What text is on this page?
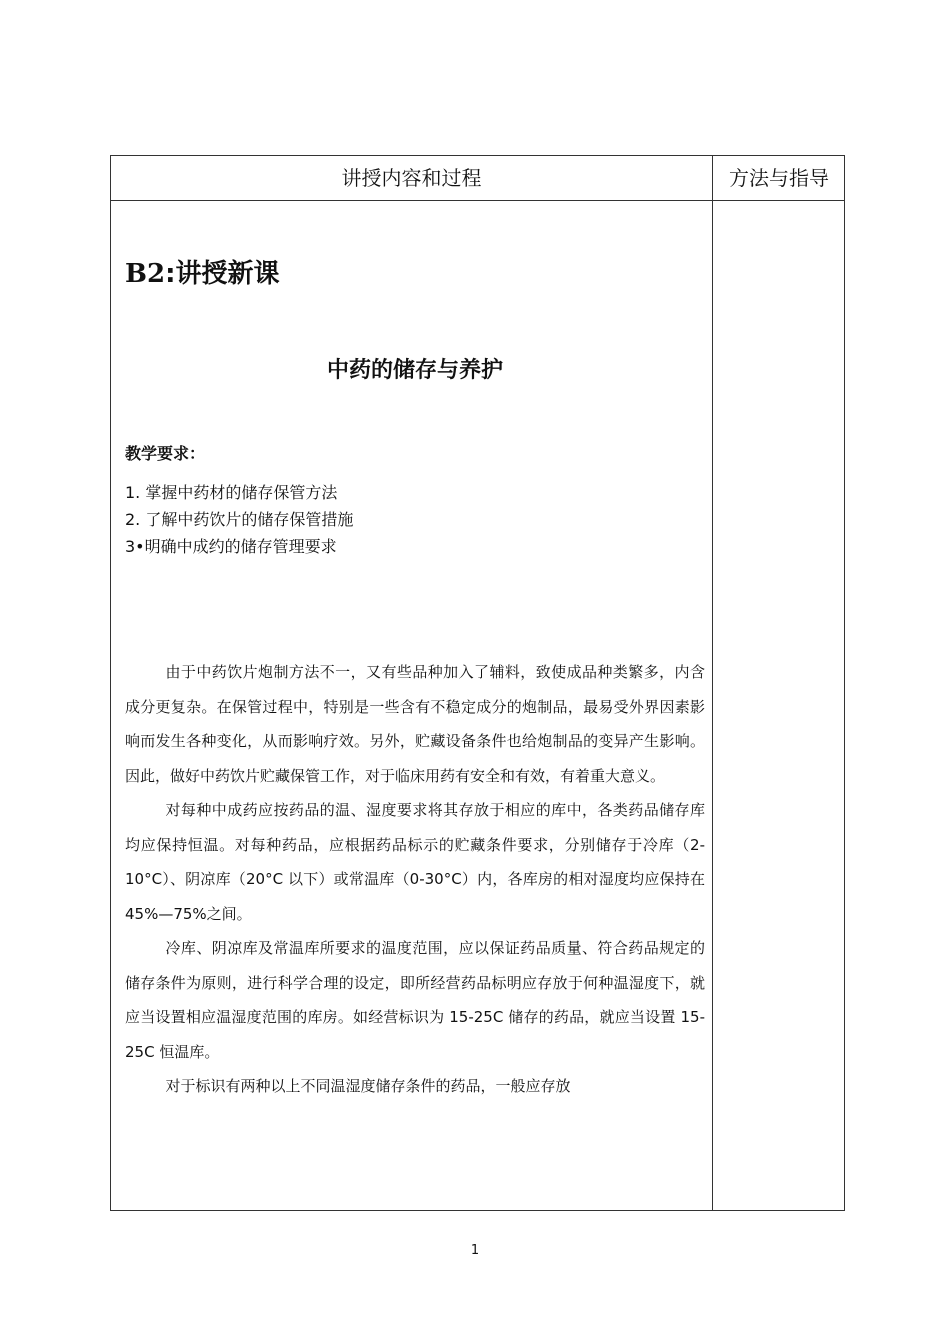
讲授内容和过程	方法与指导
B2:讲授新课
中药的储存与养护
教学要求：
1. 掌握中药材的储存保管方法
2. 了解中药饮片的储存保管措施
3•明确中成约的储存管理要求

由于中药饮片炮制方法不一，又有些品种加入了辅料，致使成品种类繁多，内含成分更复杂。在保管过程中，特别是一些含有不稳定成分的炮制品，最易受外界因素影响而发生各种变化，从而影响疗效。另外，贮藏设备条件也给炮制品的变异产生影响。因此，做好中药饮片贮藏保管工作，对于临床用药有安全和有效，有着重大意义。

对每种中成药应按药品的温、湿度要求将其存放于相应的库中，各类药品储存库均应保持恒温。对每种药品，应根据药品标示的贮藏条件要求，分别储存于冷库（2-10°C）、阴凉库（20°C 以下）或常温库（0-30°C）内，各库房的相对湿度均应保持在 45%—75%之间。

冷库、阴凉库及常温库所要求的温度范围，应以保证药品质量、符合药品规定的储存条件为原则，进行科学合理的设定，即所经营药品标明应存放于何种温湿度下，就应当设置相应温湿度范围的库房。如经营标识为 15-25C 储存的药品，就应当设置 15-25C 恒温库。

对于标识有两种以上不同温湿度储存条件的药品，一般应存放

1
